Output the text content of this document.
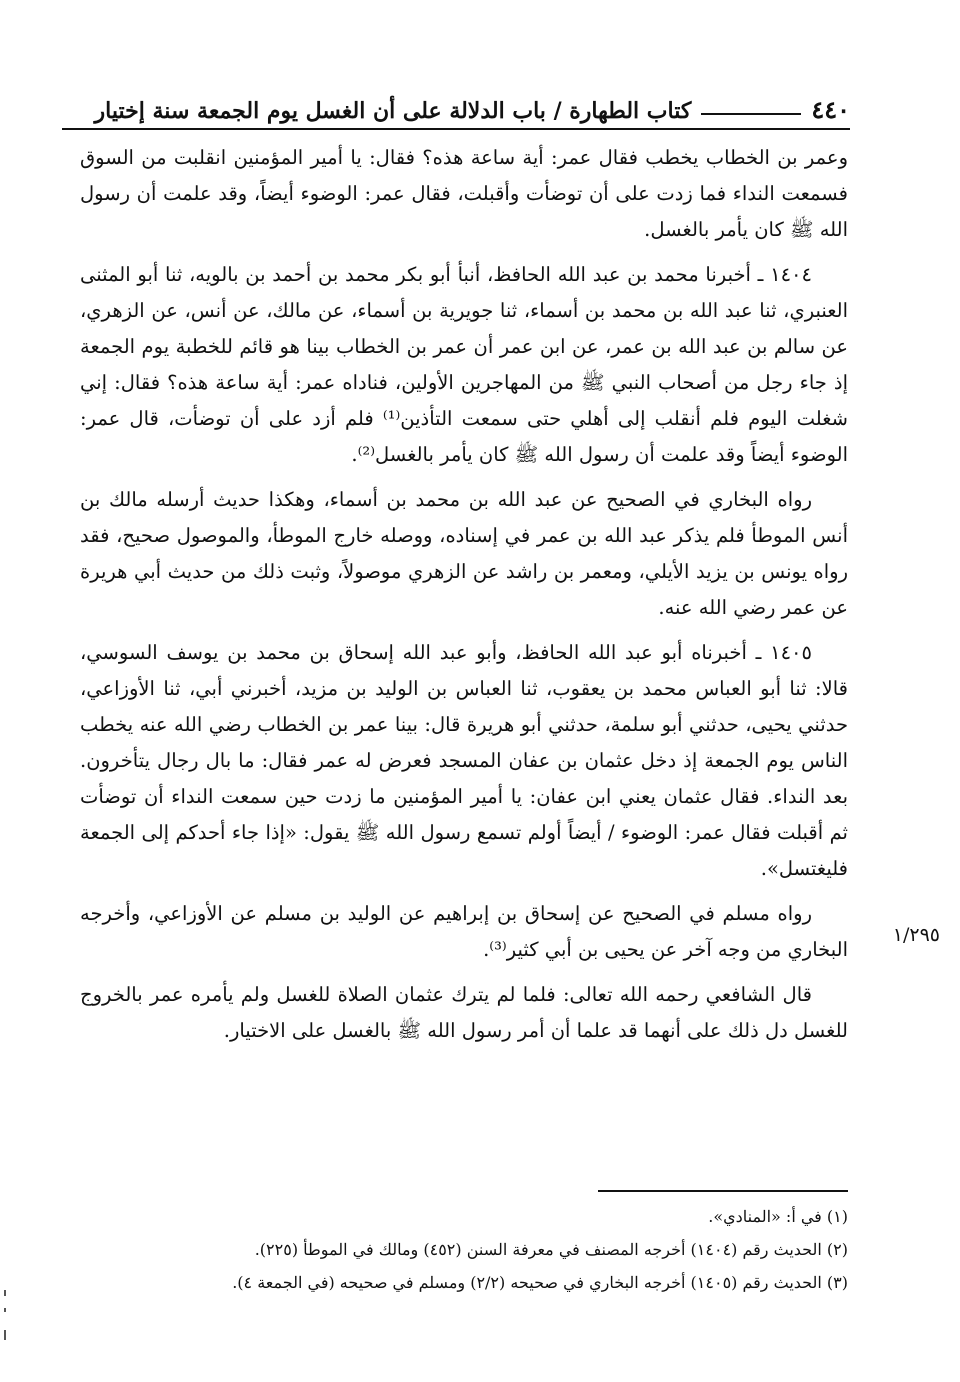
٤٤٠
كتاب الطهارة / باب الدلالة على أن الغسل يوم الجمعة سنة إختيار

وعمر بن الخطاب يخطب فقال عمر: أية ساعة هذه؟ فقال: يا أمير المؤمنين انقلبت من السوق فسمعت النداء فما زدت على أن توضأت وأقبلت، فقال عمر: الوضوء أيضاً، وقد علمت أن رسول الله ﷺ كان يأمر بالغسل.

١٤٠٤ ـ أخبرنا محمد بن عبد الله الحافظ، أنبأ أبو بكر محمد بن أحمد بن بالويه، ثنا أبو المثنى العنبري، ثنا عبد الله بن محمد بن أسماء، ثنا جويرية بن أسماء، عن مالك، عن أنس، عن الزهري، عن سالم بن عبد الله بن عمر، عن ابن عمر أن عمر بن الخطاب بينا هو قائم للخطبة يوم الجمعة إذ جاء رجل من أصحاب النبي ﷺ من المهاجرين الأولين، فناداه عمر: أية ساعة هذه؟ فقال: إني شغلت اليوم فلم أنقلب إلى أهلي حتى سمعت التأذين⁽¹⁾ فلم أزد على أن توضأت، قال عمر: الوضوء أيضاً وقد علمت أن رسول الله ﷺ كان يأمر بالغسل⁽²⁾.

رواه البخاري في الصحيح عن عبد الله بن محمد بن أسماء، وهكذا حديث أرسله مالك بن أنس الموطأ فلم يذكر عبد الله بن عمر في إسناده، ووصله خارج الموطأ، والموصول صحيح، فقد رواه يونس بن يزيد الأيلي، ومعمر بن راشد عن الزهري موصولاً، وثبت ذلك من حديث أبي هريرة عن عمر رضي الله عنه.

١٤٠٥ ـ أخبرناه أبو عبد الله الحافظ، وأبو عبد الله إسحاق بن محمد بن يوسف السوسي، قالا: ثنا أبو العباس محمد بن يعقوب، ثنا العباس بن الوليد بن مزيد، أخبرني أبي، ثنا الأوزاعي، حدثني يحيى، حدثني أبو سلمة، حدثني أبو هريرة قال: بينا عمر بن الخطاب رضي الله عنه يخطب الناس يوم الجمعة إذ دخل عثمان بن عفان المسجد فعرض له عمر فقال: ما بال رجال يتأخرون. بعد النداء. فقال عثمان يعني ابن عفان: يا أمير المؤمنين ما زدت حين سمعت النداء أن توضأت ثم أقبلت فقال عمر: الوضوء / أيضاً أولم تسمع رسول الله ﷺ يقول: «إذا جاء أحدكم إلى الجمعة فليغتسل».

رواه مسلم في الصحيح عن إسحاق بن إبراهيم عن الوليد بن مسلم عن الأوزاعي، وأخرجه البخاري من وجه آخر عن يحيى بن أبي كثير⁽³⁾.

قال الشافعي رحمه الله تعالى: فلما لم يترك عثمان الصلاة للغسل ولم يأمره عمر بالخروج للغسل دل ذلك على أنهما قد علما أن أمر رسول الله ﷺ بالغسل على الاختيار.

١/٢٩٥

(١) في أ: «المنادي».

(٢) الحديث رقم (١٤٠٤) أخرجه المصنف في معرفة السنن (٤٥٢) ومالك في الموطأ (٢٢٥).

(٣) الحديث رقم (١٤٠٥) أخرجه البخاري في صحيحه (٢/٢) ومسلم في صحيحه (في الجمعة ٤).
